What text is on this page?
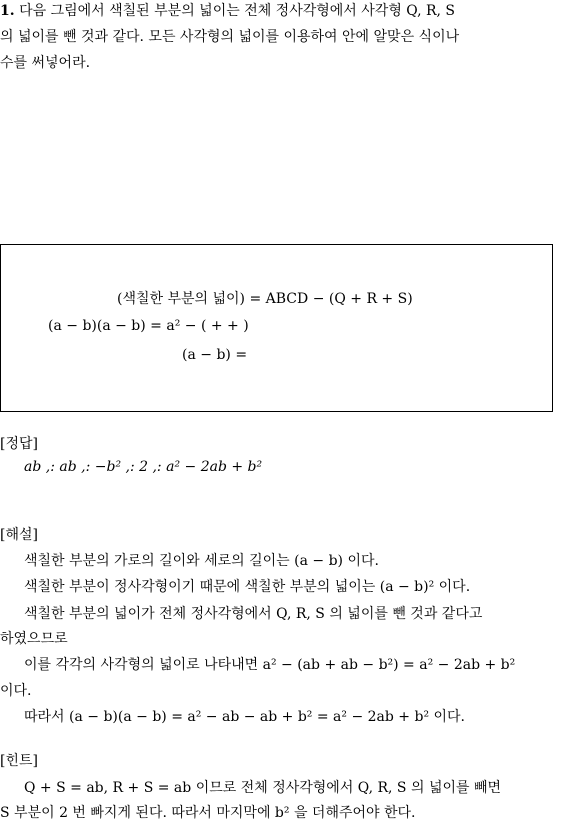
1. 다음 그림에서 색칠된 부분의 넓이는 전체 정사각형에서 사각형 Q, R, S
의 넓이를 뺀 것과 같다. 모든 사각형의 넓이를 이용하여 안에 알맞은 식이나
수를 써넣어라.
(색칠한 부분의 넓이) = ABCD − (Q + R + S)
(a − b)(a − b) = a² − ( + + )
(a − b) =
[정답]
ab ,: ab ,: −b² ,: 2 ,: a² − 2ab + b²
[해설]
색칠한 부분의 가로의 길이와 세로의 길이는 (a − b) 이다.
색칠한 부분이 정사각형이기 때문에 색칠한 부분의 넓이는 (a − b)² 이다.
색칠한 부분의 넓이가 전체 정사각형에서 Q, R, S 의 넓이를 뺀 것과 같다고
하였으므로
이를 각각의 사각형의 넓이로 나타내면 a² − (ab + ab − b²) = a² − 2ab + b²
이다.
따라서 (a − b)(a − b) = a² − ab − ab + b² = a² − 2ab + b² 이다.
[힌트]
Q + S = ab, R + S = ab 이므로 전체 정사각형에서 Q, R, S 의 넓이를 빼면
S 부분이 2 번 빠지게 된다. 따라서 마지막에 b² 을 더해주어야 한다.
